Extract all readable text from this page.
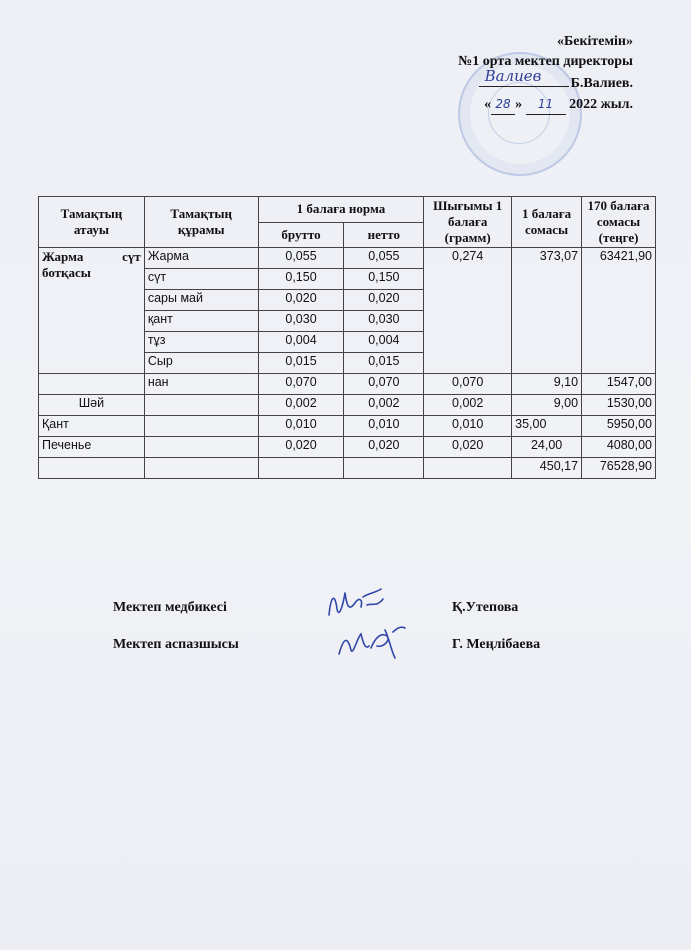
«Бекітемін»
№1 орта мектеп директоры
Валиев Б.Валиев.
« 28 » 11 2022 жыл.
Тамақтың атауы	Тамақтың құрамы	1 балаға норма		Шығымы 1 балаға (грамм)	1 балаға сомасы	170 балаға сомасы (теңге)
		брутто	нетто			
Жарма сүт ботқасы	Жарма	0,055	0,055	0,274	373,07	63421,90
	сүт	0,150	0,150			
	сары май	0,020	0,020			
	қант	0,030	0,030			
	тұз	0,004	0,004			
	Сыр	0,015	0,015			
	нан	0,070	0,070	0,070	9,10	1547,00
Шәй		0,002	0,002	0,002	9,00	1530,00
Қант		0,010	0,010	0,010	35,00	5950,00
Печенье		0,020	0,020	0,020	24,00	4080,00
					450,17	76528,90
Мектеп медбикесі	Қ.Утепова
Мектеп аспазшысы	Г. Меңлібаева
